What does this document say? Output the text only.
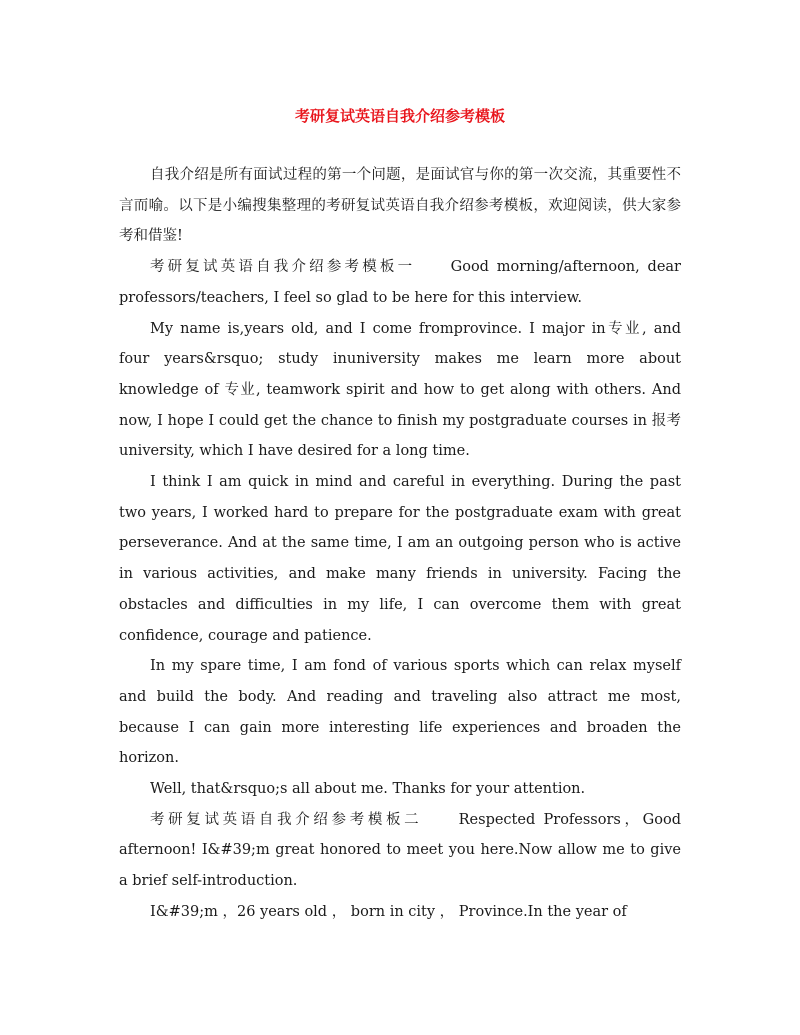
考研复试英语自我介绍参考模板

自我介绍是所有面试过程的第一个问题，是面试官与你的第一次交流，其重要性不言而喻。以下是小编搜集整理的考研复试英语自我介绍参考模板，欢迎阅读，供大家参考和借鉴!

考研复试英语自我介绍参考模板一　　Good morning/afternoon, dear professors/teachers, I feel so glad to be here for this interview.

My name is,years old, and I come fromprovince. I major in专业, and four years&rsquo; study inuniversity makes me learn more about knowledge of 专业, teamwork spirit and how to get along with others. And now, I hope I could get the chance to finish my postgraduate courses in 报考university, which I have desired for a long time.

I think I am quick in mind and careful in everything. During the past two years, I worked hard to prepare for the postgraduate exam with great perseverance. And at the same time, I am an outgoing person who is active in various activities, and make many friends in university. Facing the obstacles and difficulties in my life, I can overcome them with great confidence, courage and patience.

In my spare time, I am fond of various sports which can relax myself and build the body. And reading and traveling also attract me most, because I can gain more interesting life experiences and broaden the horizon.

Well, that&rsquo;s all about me. Thanks for your attention.

考研复试英语自我介绍参考模板二　　Respected Professors，Good afternoon! I&#39;m great honored to meet you here.Now allow me to give a brief self-introduction.

I&#39;m ，26 years old ， born in city ， Province.In the year of
